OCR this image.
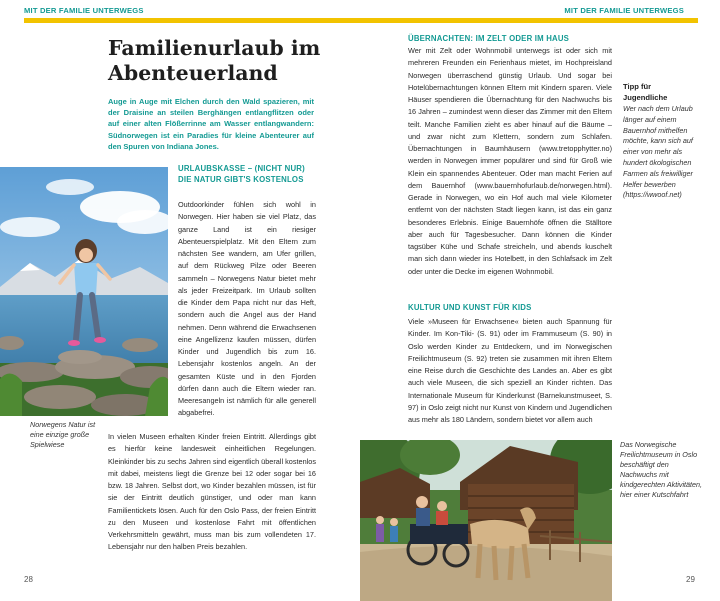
MIT DER FAMILIE UNTERWEGS	MIT DER FAMILIE UNTERWEGS
Familienurlaub im Abenteuerland

Auge in Auge mit Elchen durch den Wald spazieren, mit der Draisine an steilen Berghängen entlangflitzen oder auf einer alten Flößerrinne am Wasser entlangwandern: Südnorwegen ist ein Paradies für kleine Abenteurer auf den Spuren von Indiana Jones.

Norwegens Natur ist eine einzige große Spielwiese
URLAUBSKASSE – (NICHT NUR) DIE NATUR GIBT'S KOSTENLOS

Outdoorkinder fühlen sich wohl in Norwegen. Hier haben sie viel Platz, das ganze Land ist ein riesiger Abenteuerspielplatz. Mit den Eltern zum nächsten See wandern, am Ufer grillen, auf dem Rückweg Pilze oder Beeren sammeln – Norwegens Natur bietet mehr als jeder Freizeitpark. Im Urlaub sollten die Kinder dem Papa nicht nur das Heft, sondern auch die Angel aus der Hand nehmen. Denn während die Erwachsenen eine Angellizenz kaufen müssen, dürfen Kinder und Jugendlich bis zum 16. Lebensjahr kostenlos angeln. An der gesamten Küste und in den Fjorden dürfen dann auch die Eltern wieder ran. Meeresangeln ist nämlich für alle generell abgabefrei.

In vielen Museen erhalten Kinder freien Eintritt. Allerdings gibt es hierfür keine landesweit einheitlichen Regelungen. Kleinkinder bis zu sechs Jahren sind eigentlich überall kostenlos mit dabei, meistens liegt die Grenze bei 12 oder sogar bei 16 bzw. 18 Jahren. Selbst dort, wo Kinder bezahlen müssen, ist für sie der Eintritt deutlich günstiger, und oder man kann Familientickets lösen. Auch für den Oslo Pass, der freien Eintritt zu den Museen und kostenlose Fahrt mit öffentlichen Verkehrsmitteln gewährt, muss man bis zum vollendeten 17. Lebensjahr nur den halben Preis bezahlen.

28
ÜBERNACHTEN: IM ZELT ODER IM HAUS

Wer mit Zelt oder Wohnmobil unterwegs ist oder sich mit mehreren Freunden ein Ferienhaus mietet, im Hochpreisland Norwegen überraschend günstig Urlaub. Und sogar bei Hotelübernachtungen können Eltern mit Kindern sparen. Viele Häuser spendieren die Übernachtung für den Nachwuchs bis 16 Jahren – zumindest wenn dieser das Zimmer mit den Eltern teilt. Manche Familien zieht es aber hinauf auf die Bäume – und zwar nicht zum Klettern, sondern zum Schlafen. Übernachtungen in Baumhäusern (www.tretopphytter.no) werden in Norwegen immer populärer und sind für Groß wie Klein ein spannendes Abenteuer. Oder man macht Ferien auf dem Bauernhof (www.bauernhofurlaub.de/norwegen.html). Gerade in Norwegen, wo ein Hof auch mal viele Kilometer entfernt von der nächsten Stadt liegen kann, ist das ein ganz besonderes Erlebnis. Einige Bauernhöfe öffnen die Ställtore aber auch für Tagesbesucher. Dann können die Kinder tagsüber Kühe und Schafe streicheln, und abends kuschelt man sich dann wieder ins Hotelbett, in den Schlafsack im Zelt oder unter die Decke im eigenen Wohnmobil.

KULTUR UND KUNST FÜR KIDS

Viele »Museen für Erwachsene« bieten auch Spannung für Kinder. Im Kon-Tiki- (S. 91) oder im Frammuseum (S. 90) in Oslo werden Kinder zu Entdeckern, und im Norwegischen Freilichtmuseum (S. 92) treten sie zusammen mit ihren Eltern eine Reise durch die Geschichte des Landes an. Aber es gibt auch viele Museen, die sich speziell an Kinder richten. Das Internationale Museum für Kinderkunst (Barnekunstmuseet, S. 97) in Oslo zeigt nicht nur Kunst von Kindern und Jugendlichen aus mehr als 180 Ländern, sondern bietet vor allem auch

Tipp für Jugendliche

Wer nach dem Urlaub länger auf einem Bauernhof mithelfen möchte, kann sich auf einer von mehr als hundert ökologischen Farmen als freiwilliger Helfer bewerben (https://wwoof.net)

Das Norwegische Freilichtmuseum in Oslo beschäftigt den Nachwuchs mit kindgerechten Aktivitäten, hier einer Kutschfahrt
29
